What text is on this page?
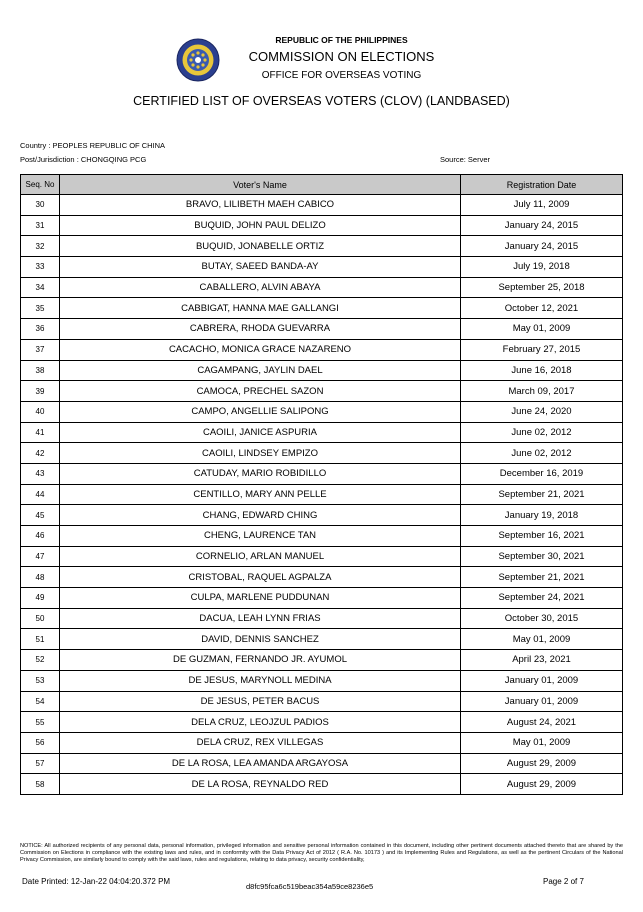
REPUBLIC OF THE PHILIPPINES
COMMISSION ON ELECTIONS
OFFICE FOR OVERSEAS VOTING
CERTIFIED LIST OF OVERSEAS VOTERS (CLOV) (LANDBASED)
Country : PEOPLES REPUBLIC OF CHINA
Post/Jurisdiction : CHONGQING PCG	Source: Server
Seq. No	Voter's Name	Registration Date
30	BRAVO, LILIBETH MAEH CABICO	July 11, 2009
31	BUQUID, JOHN PAUL DELIZO	January 24, 2015
32	BUQUID, JONABELLE ORTIZ	January 24, 2015
33	BUTAY, SAEED BANDA-AY	July 19, 2018
34	CABALLERO, ALVIN ABAYA	September 25, 2018
35	CABBIGAT, HANNA MAE GALLANGI	October 12, 2021
36	CABRERA, RHODA GUEVARRA	May 01, 2009
37	CACACHO, MONICA GRACE NAZARENO	February 27, 2015
38	CAGAMPANG, JAYLIN DAEL	June 16, 2018
39	CAMOCA, PRECHEL SAZON	March 09, 2017
40	CAMPO, ANGELLIE SALIPONG	June 24, 2020
41	CAOILI, JANICE ASPURIA	June 02, 2012
42	CAOILI, LINDSEY EMPIZO	June 02, 2012
43	CATUDAY, MARIO ROBIDILLO	December 16, 2019
44	CENTILLO, MARY ANN PELLE	September 21, 2021
45	CHANG, EDWARD CHING	January 19, 2018
46	CHENG, LAURENCE TAN	September 16, 2021
47	CORNELIO, ARLAN MANUEL	September 30, 2021
48	CRISTOBAL, RAQUEL AGPALZA	September 21, 2021
49	CULPA, MARLENE PUDDUNAN	September 24, 2021
50	DACUA, LEAH LYNN FRIAS	October 30, 2015
51	DAVID, DENNIS SANCHEZ	May 01, 2009
52	DE GUZMAN, FERNANDO JR. AYUMOL	April 23, 2021
53	DE JESUS, MARYNOLL MEDINA	January 01, 2009
54	DE JESUS, PETER BACUS	January 01, 2009
55	DELA CRUZ, LEOJZUL PADIOS	August 24, 2021
56	DELA CRUZ, REX VILLEGAS	May 01, 2009
57	DE LA ROSA, LEA AMANDA ARGAYOSA	August 29, 2009
58	DE LA ROSA, REYNALDO RED	August 29, 2009
NOTICE: All authorized recipients of any personal data, personal information, privileged information and sensitive personal information contained in this document, including other pertinent documents attached thereto that are shared by the Commission on Elections in compliance with the existing laws and rules, and in conformity with the Data Privacy Act of 2012 ( R.A. No. 10173 ) and its Implementing Rules and Regulations, as well as the pertinent Circulars of the National Privacy Commission, are similarly bound to comply with the said laws, rules and regulations, relating to data privacy, security confidentiality,
Date Printed: 12-Jan-22 04:04:20.372 PM
d8fc95fca6c519beac354a59ce8236e5
Page 2 of 7
